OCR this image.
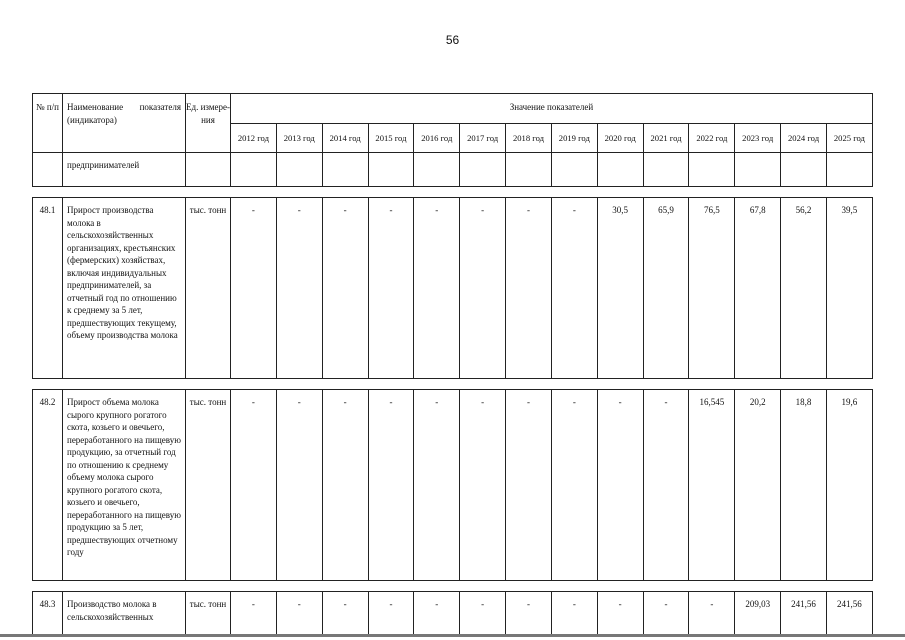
56
№ п/п	Наименование показателя (индикатора)	Ед. измере-ния	Значение показателей													
			2012 год	2013 год	2014 год	2015 год	2016 год	2017 год	2018 год	2019 год	2020 год	2021 год	2022 год	2023 год	2024 год	2025 год
	предпринимателей															

48.1	Прирост производства молока в сельскохозяйственных организациях, крестьянских (фермерских) хозяйствах, включая индивидуальных предпринимателей, за отчетный год по отношению к среднему за 5 лет, предшествующих текущему, объему производства молока	тыс. тонн	-	-	-	-	-	-	-	-	30,5	65,9	76,5	67,8	56,2	39,5

48.2	Прирост объема молока сырого крупного рогатого скота, козьего и овечьего, переработанного на пищевую продукцию, за отчетный год по отношению к среднему объему молока сырого крупного рогатого скота, козьего и овечьего, переработанного на пищевую продукцию за 5 лет, предшествующих отчетному году	тыс. тонн	-	-	-	-	-	-	-	-	-	-	16,545	20,2	18,8	19,6

48.3	Производство молока в сельскохозяйственных	тыс. тонн	-	-	-	-	-	-	-	-	-	-	-	209,03	241,56	241,56
